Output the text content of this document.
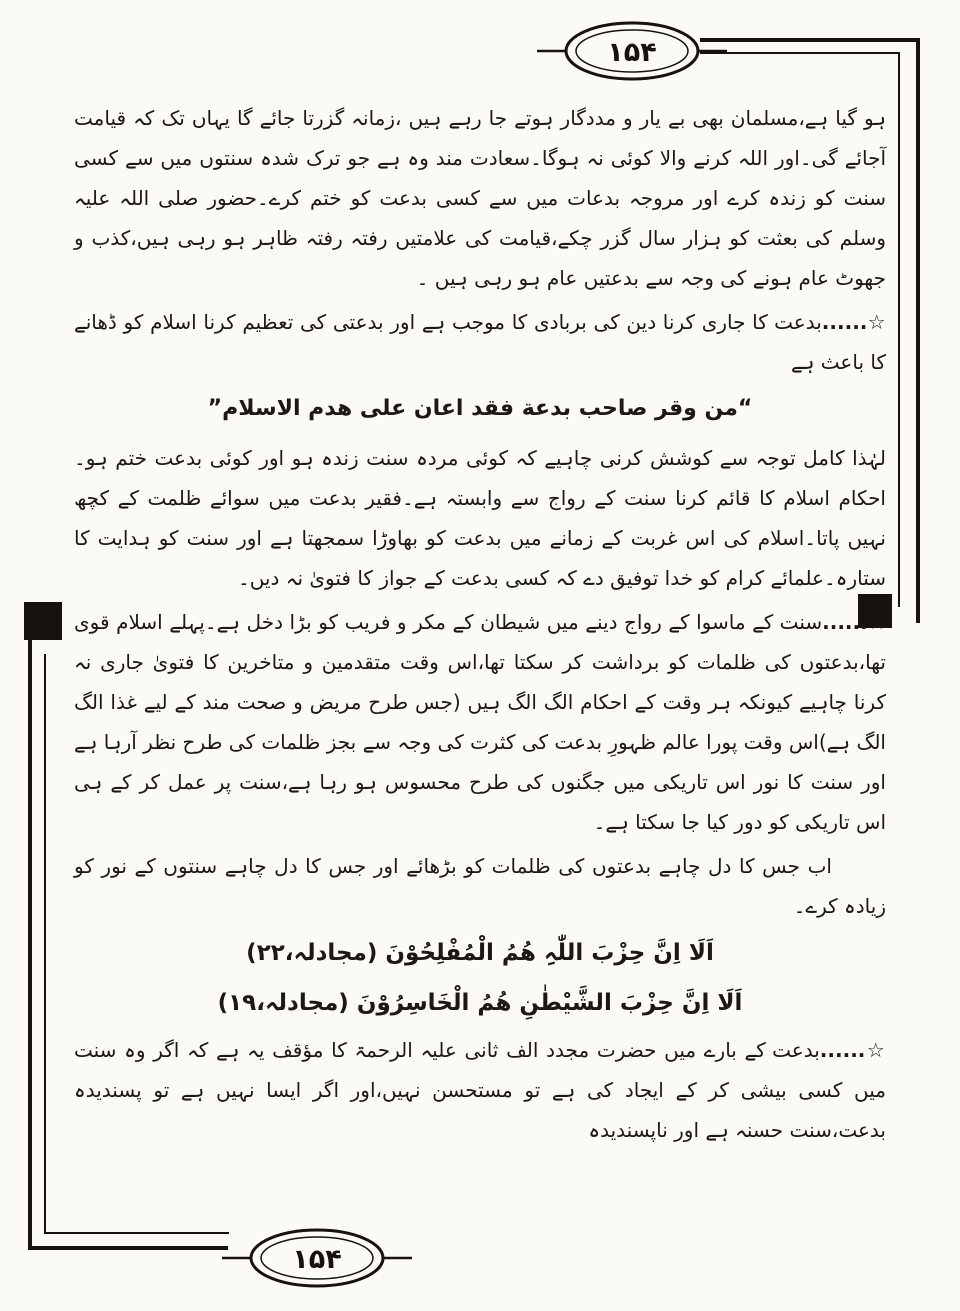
۱۵۴
۱۵۴
ہو گیا ہے،مسلمان بھی بے یار و مددگار ہوتے جا رہے ہیں ،زمانہ گزرتا جائے گا یہاں تک کہ قیامت آجائے گی۔اور اللہ کرنے والا کوئی نہ ہوگا۔سعادت مند وہ ہے جو ترک شدہ سنتوں میں سے کسی سنت کو زندہ کرے اور مروجہ بدعات میں سے کسی بدعت کو ختم کرے۔حضور صلی اللہ علیہ وسلم کی بعثت کو ہزار سال گزر چکے،قیامت کی علامتیں رفتہ رفتہ ظاہر ہو رہی ہیں،کذب و جھوٹ عام ہونے کی وجہ سے بدعتیں عام ہو رہی ہیں ۔
☆......بدعت کا جاری کرنا دین کی بربادی کا موجب ہے اور بدعتی کی تعظیم کرنا اسلام کو ڈھانے کا باعث ہے
“من وقر صاحب بدعة فقد اعان علی هدم الاسلام”
لہٰذا کامل توجہ سے کوشش کرنی چاہیے کہ کوئی مردہ سنت زندہ ہو اور کوئی بدعت ختم ہو۔احکام اسلام کا قائم کرنا سنت کے رواج سے وابستہ ہے۔فقیر بدعت میں سوائے ظلمت کے کچھ نہیں پاتا۔اسلام کی اس غربت کے زمانے میں بدعت کو بھاوڑا سمجھتا ہے اور سنت کو ہدایت کا ستارہ۔علمائے کرام کو خدا توفیق دے کہ کسی بدعت کے جواز کا فتویٰ نہ دیں۔
☆......سنت کے ماسوا کے رواج دینے میں شیطان کے مکر و فریب کو بڑا دخل ہے۔پہلے اسلام قوی تھا،بدعتوں کی ظلمات کو برداشت کر سکتا تھا،اس وقت متقدمین و متاخرین کا فتویٰ جاری نہ کرنا چاہیے کیونکہ ہر وقت کے احکام الگ الگ ہیں (جس طرح مریض و صحت مند کے لیے غذا الگ الگ ہے)اس وقت پورا عالم ظہورِ بدعت کی کثرت کی وجہ سے بجز ظلمات کی طرح نظر آرہا ہے اور سنت کا نور اس تاریکی میں جگنوں کی طرح محسوس ہو رہا ہے،سنت پر عمل کر کے ہی اس تاریکی کو دور کیا جا سکتا ہے۔
اب جس کا دل چاہے بدعتوں کی ظلمات کو بڑھائے اور جس کا دل چاہے سنتوں کے نور کو زیادہ کرے۔
اَلَا اِنَّ حِزْبَ اللّٰہِ ھُمُ الْمُفْلِحُوْنَ (مجادلہ،۲۲)
اَلَا اِنَّ حِزْبَ الشَّیْطٰنِ ھُمُ الْخَاسِرُوْنَ (مجادلہ،۱۹)
☆......بدعت کے بارے میں حضرت مجدد الف ثانی علیہ الرحمۃ کا مؤقف یہ ہے کہ اگر وہ سنت میں کسی بیشی کر کے ایجاد کی ہے تو مستحسن نہیں،اور اگر ایسا نہیں ہے تو پسندیدہ بدعت،سنت حسنہ ہے اور ناپسندیدہ
